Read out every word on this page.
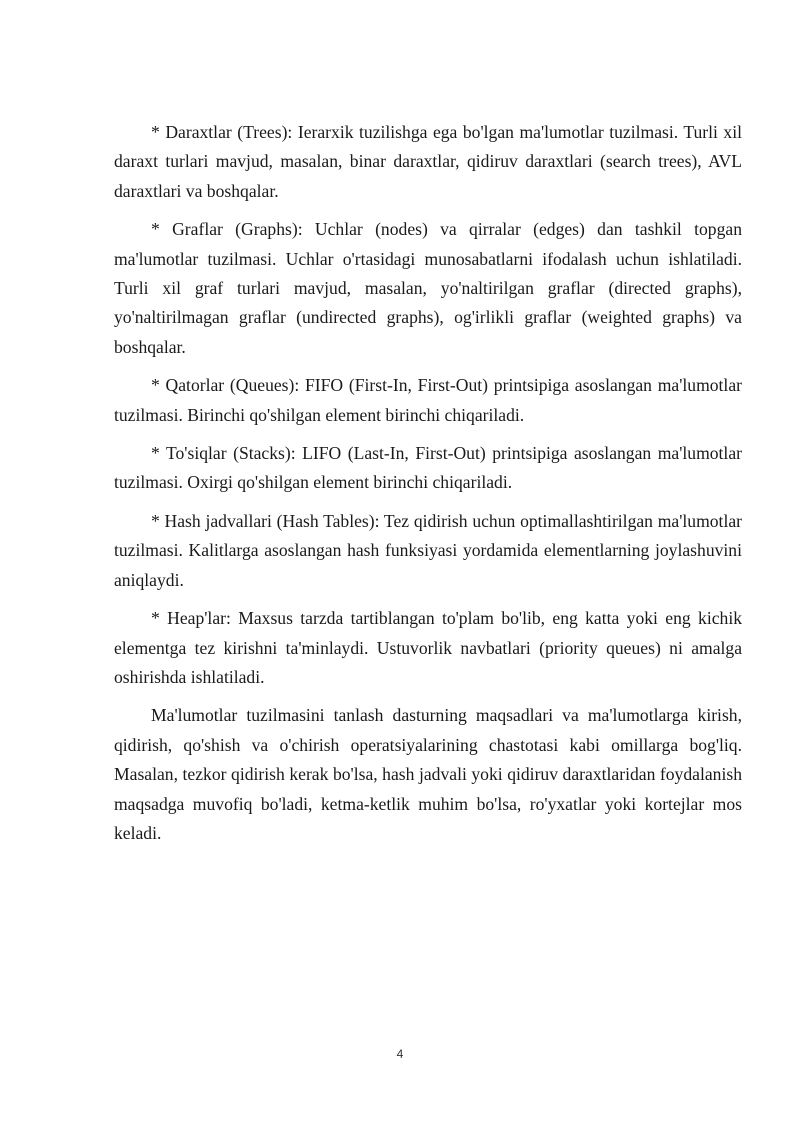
* Daraxtlar (Trees): Ierarxik tuzilishga ega bo'lgan ma'lumotlar tuzilmasi. Turli xil daraxt turlari mavjud, masalan, binar daraxtlar, qidiruv daraxtlari (search trees), AVL daraxtlari va boshqalar.

* Graflar (Graphs): Uchlar (nodes) va qirralar (edges) dan tashkil topgan ma'lumotlar tuzilmasi. Uchlar o'rtasidagi munosabatlarni ifodalash uchun ishlatiladi. Turli xil graf turlari mavjud, masalan, yo'naltirilgan graflar (directed graphs), yo'naltirilmagan graflar (undirected graphs), og'irlikli graflar (weighted graphs) va boshqalar.

* Qatorlar (Queues): FIFO (First-In, First-Out) printsipiga asoslangan ma'lumotlar tuzilmasi. Birinchi qo'shilgan element birinchi chiqariladi.

* To'siqlar (Stacks): LIFO (Last-In, First-Out) printsipiga asoslangan ma'lumotlar tuzilmasi. Oxirgi qo'shilgan element birinchi chiqariladi.

* Hash jadvallari (Hash Tables): Tez qidirish uchun optimallashtirilgan ma'lumotlar tuzilmasi. Kalitlarga asoslangan hash funksiyasi yordamida elementlarning joylashuvini aniqlaydi.

* Heap'lar: Maxsus tarzda tartiblangan to'plam bo'lib, eng katta yoki eng kichik elementga tez kirishni ta'minlaydi. Ustuvorlik navbatlari (priority queues) ni amalga oshirishda ishlatiladi.

Ma'lumotlar tuzilmasini tanlash dasturning maqsadlari va ma'lumotlarga kirish, qidirish, qo'shish va o'chirish operatsiyalarining chastotasi kabi omillarga bog'liq. Masalan, tezkor qidirish kerak bo'lsa, hash jadvali yoki qidiruv daraxtlaridan foydalanish maqsadga muvofiq bo'ladi, ketma-ketlik muhim bo'lsa, ro'yxatlar yoki kortejlar mos keladi.

4
